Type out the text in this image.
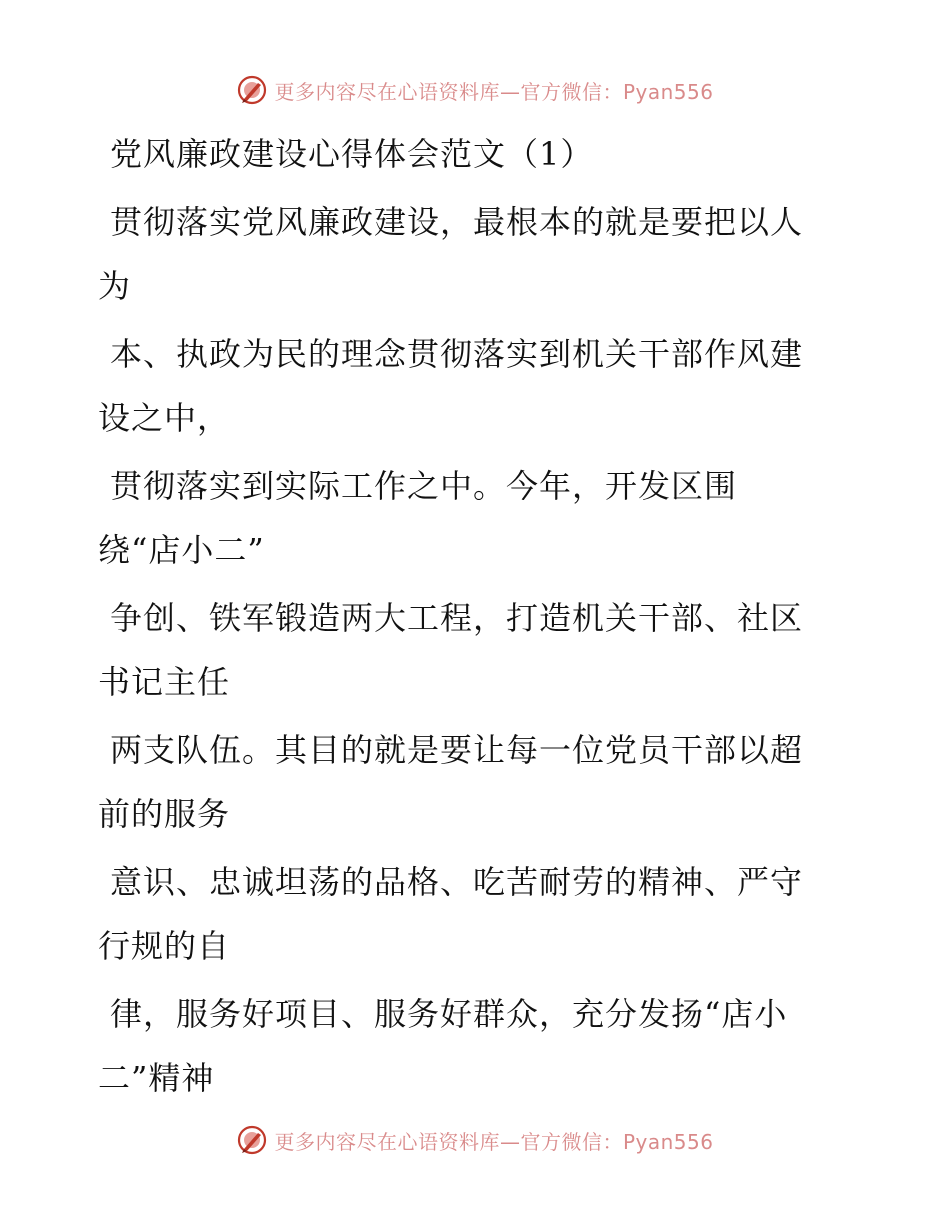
更多内容尽在心语资料库—官方微信：Pyan556
党风廉政建设心得体会范文（1）
贯彻落实党风廉政建设，最根本的就是要把以人
为
本、执政为民的理念贯彻落实到机关干部作风建
设之中，
贯彻落实到实际工作之中。今年，开发区围
绕“店小二”
争创、铁军锻造两大工程，打造机关干部、社区
书记主任
两支队伍。其目的就是要让每一位党员干部以超
前的服务
意识、忠诚坦荡的品格、吃苦耐劳的精神、严守
行规的自
律，服务好项目、服务好群众，充分发扬“店小
二”精神
更多内容尽在心语资料库—官方微信：Pyan556
